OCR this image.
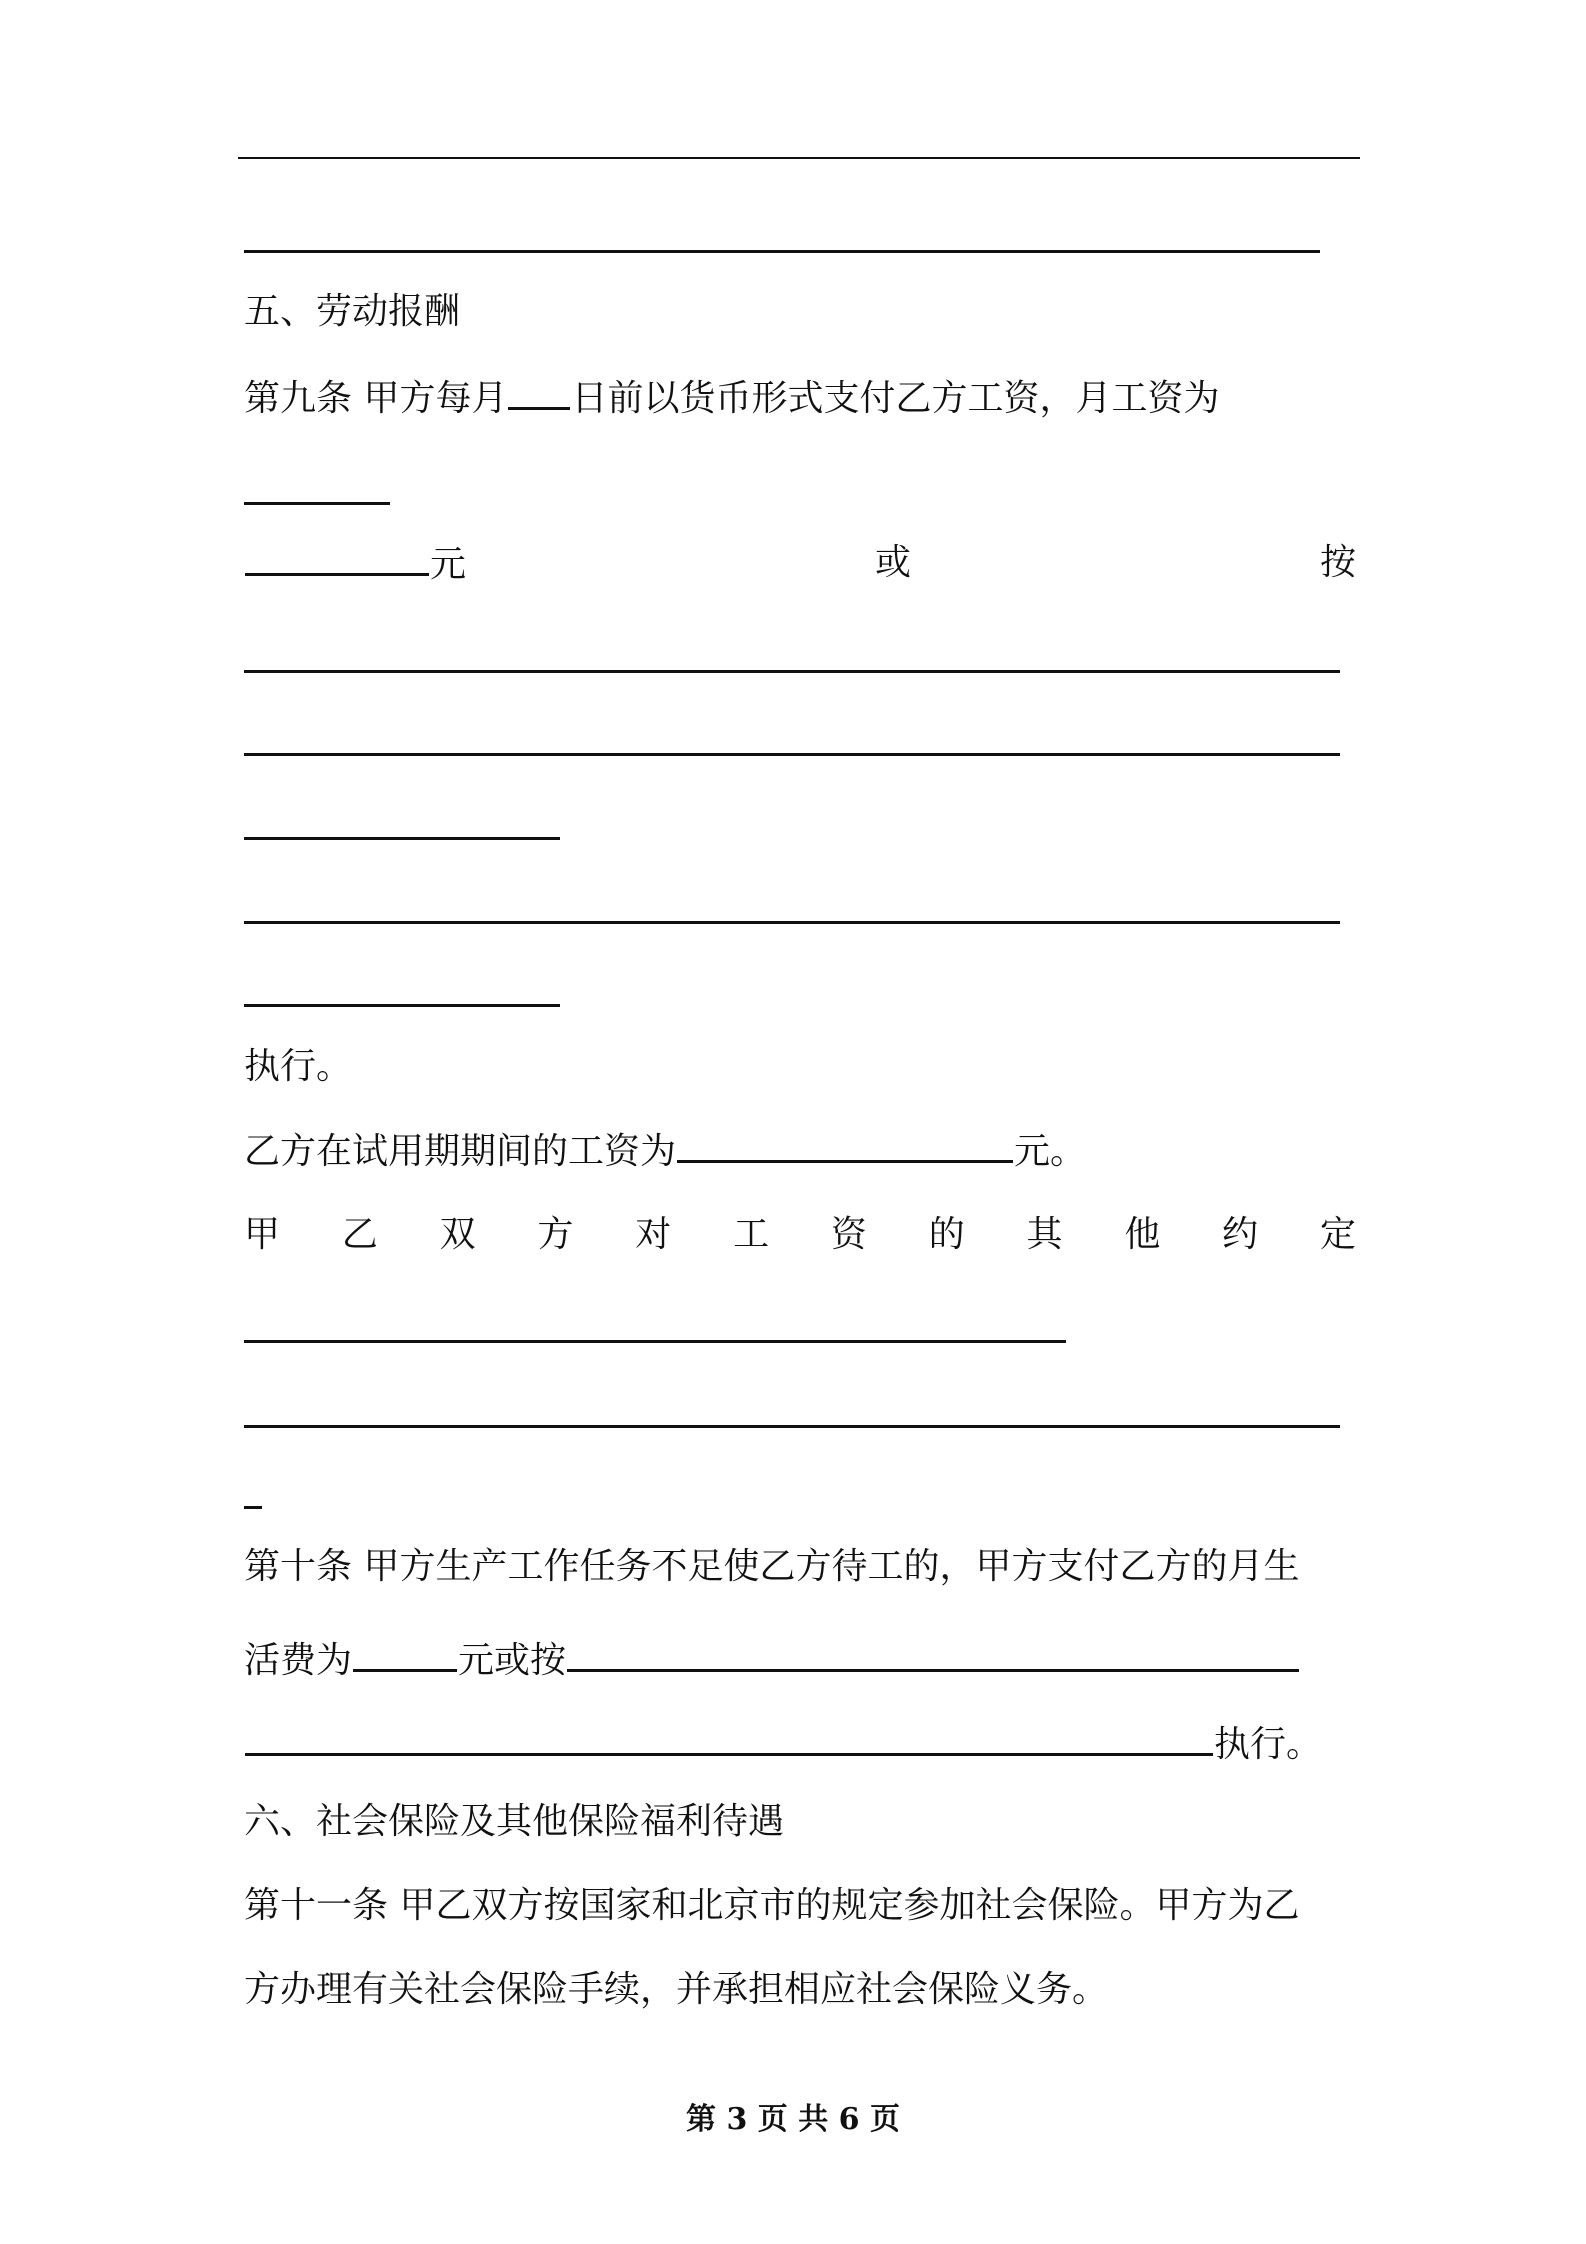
五、劳动报酬
第九条 甲方每月 日前以货币形式支付乙方工资，月工资为
元	或	按
执行。
乙方在试用期期间的工资为	元。
甲 乙 双 方 对 工 资 的 其 他 约 定
第十条 甲方生产工作任务不足使乙方待工的，甲方支付乙方的月生
活费为	元或按
执行。
六、社会保险及其他保险福利待遇
第十一条 甲乙双方按国家和北京市的规定参加社会保险。甲方为乙
方办理有关社会保险手续，并承担相应社会保险义务。
第 3 页 共 6 页
